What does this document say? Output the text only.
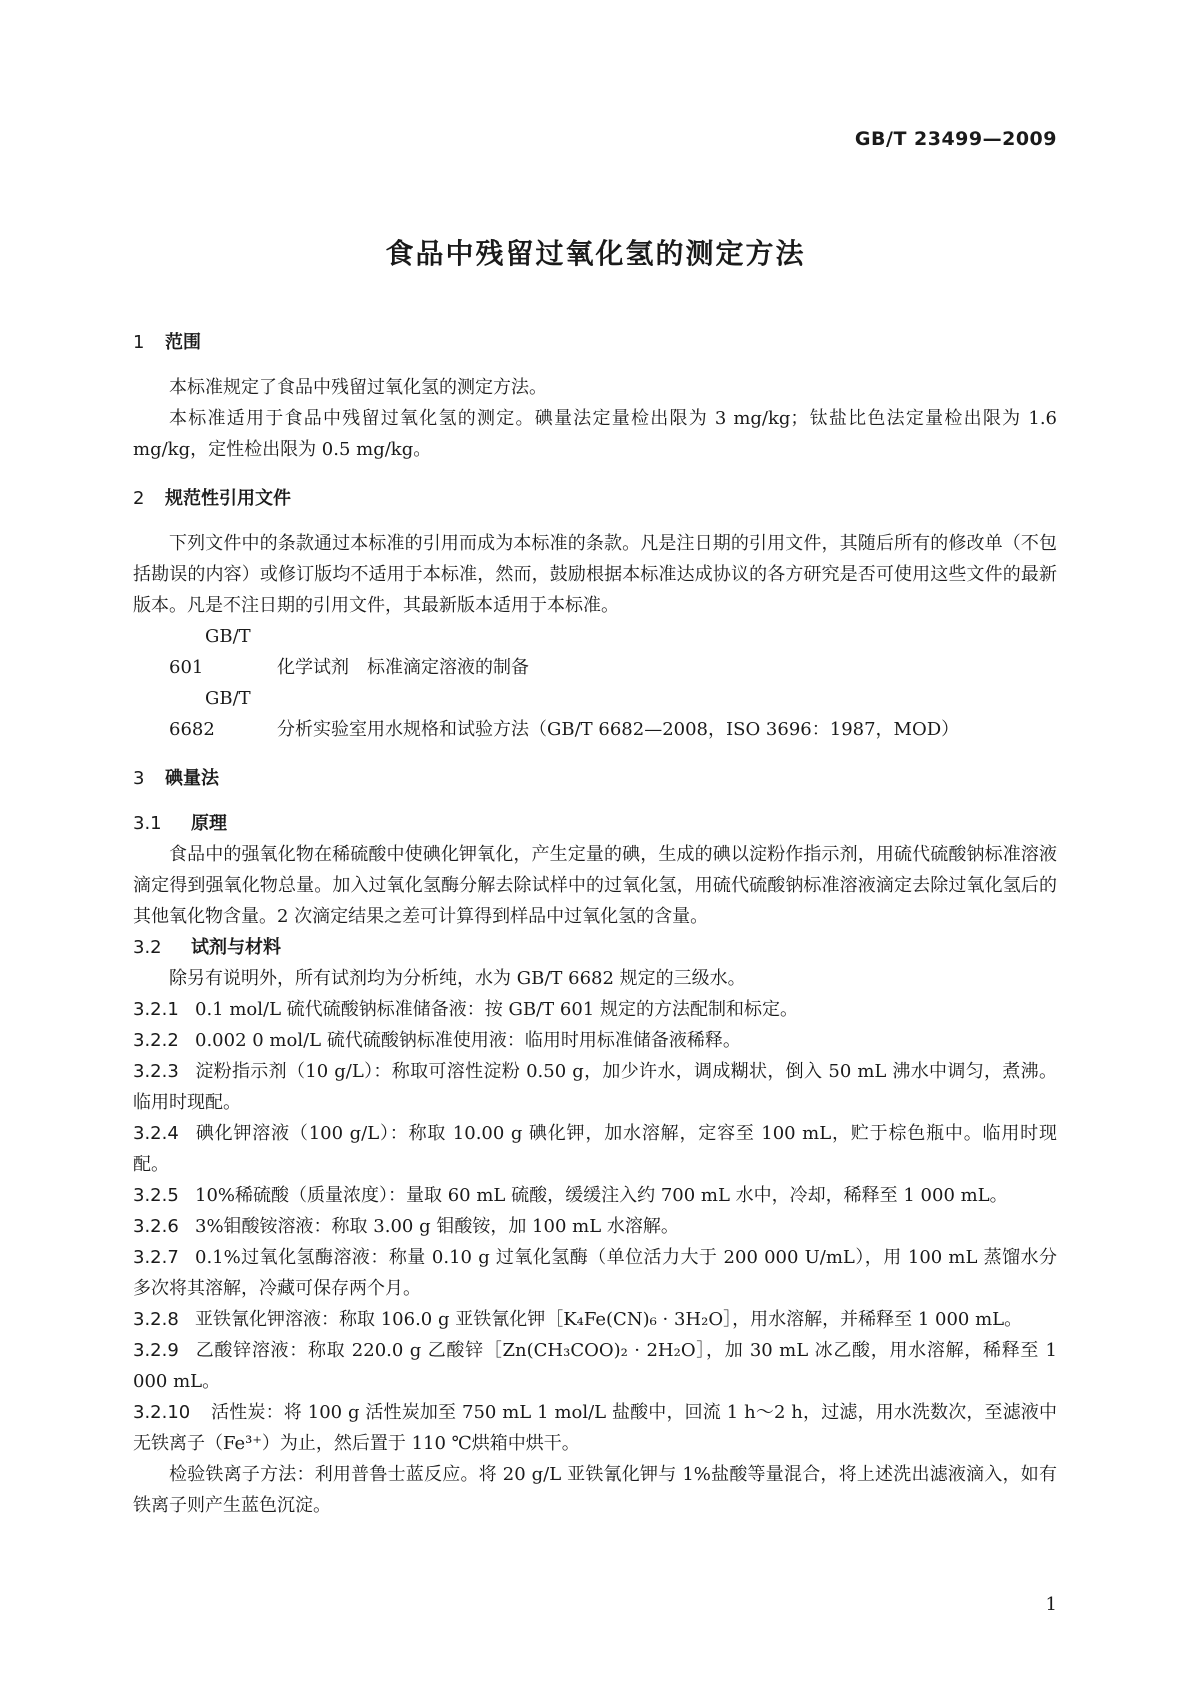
GB/T 23499—2009
食品中残留过氧化氢的测定方法
1 范围

本标准规定了食品中残留过氧化氢的测定方法。

本标准适用于食品中残留过氧化氢的测定。碘量法定量检出限为 3 mg/kg；钛盐比色法定量检出限为 1.6 mg/kg，定性检出限为 0.5 mg/kg。

2 规范性引用文件

下列文件中的条款通过本标准的引用而成为本标准的条款。凡是注日期的引用文件，其随后所有的修改单（不包括勘误的内容）或修订版均不适用于本标准，然而，鼓励根据本标准达成协议的各方研究是否可使用这些文件的最新版本。凡是不注日期的引用文件，其最新版本适用于本标准。

GB/T 601	化学试剂　标准滴定溶液的制备

GB/T 6682	分析实验室用水规格和试验方法（GB/T 6682—2008，ISO 3696：1987，MOD）

3 碘量法
3.1 原理

食品中的强氧化物在稀硫酸中使碘化钾氧化，产生定量的碘，生成的碘以淀粉作指示剂，用硫代硫酸钠标准溶液滴定得到强氧化物总量。加入过氧化氢酶分解去除试样中的过氧化氢，用硫代硫酸钠标准溶液滴定去除过氧化氢后的其他氧化物含量。2 次滴定结果之差可计算得到样品中过氧化氢的含量。

3.2 试剂与材料

除另有说明外，所有试剂均为分析纯，水为 GB/T 6682 规定的三级水。

3.2.1 0.1 mol/L 硫代硫酸钠标准储备液：按 GB/T 601 规定的方法配制和标定。

3.2.2 0.002 0 mol/L 硫代硫酸钠标准使用液：临用时用标准储备液稀释。

3.2.3 淀粉指示剂（10 g/L）：称取可溶性淀粉 0.50 g，加少许水，调成糊状，倒入 50 mL 沸水中调匀，煮沸。临用时现配。

3.2.4 碘化钾溶液（100 g/L）：称取 10.00 g 碘化钾，加水溶解，定容至 100 mL，贮于棕色瓶中。临用时现配。

3.2.5 10%稀硫酸（质量浓度）：量取 60 mL 硫酸，缓缓注入约 700 mL 水中，冷却，稀释至 1 000 mL。

3.2.6 3%钼酸铵溶液：称取 3.00 g 钼酸铵，加 100 mL 水溶解。

3.2.7 0.1%过氧化氢酶溶液：称量 0.10 g 过氧化氢酶（单位活力大于 200 000 U/mL），用 100 mL 蒸馏水分多次将其溶解，冷藏可保存两个月。

3.2.8 亚铁氰化钾溶液：称取 106.0 g 亚铁氰化钾［K₄Fe(CN)₆ · 3H₂O］，用水溶解，并稀释至 1 000 mL。

3.2.9 乙酸锌溶液：称取 220.0 g 乙酸锌［Zn(CH₃COO)₂ · 2H₂O］，加 30 mL 冰乙酸，用水溶解，稀释至 1 000 mL。

3.2.10 活性炭：将 100 g 活性炭加至 750 mL 1 mol/L 盐酸中，回流 1 h～2 h，过滤，用水洗数次，至滤液中无铁离子（Fe³⁺）为止，然后置于 110 ℃烘箱中烘干。

检验铁离子方法：利用普鲁士蓝反应。将 20 g/L 亚铁氰化钾与 1%盐酸等量混合，将上述洗出滤液滴入，如有铁离子则产生蓝色沉淀。

1
